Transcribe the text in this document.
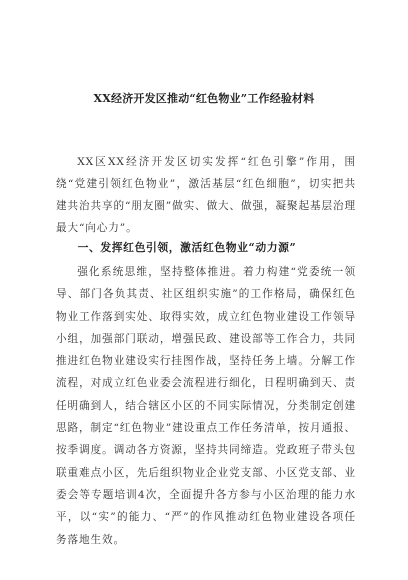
XX经济开发区推动“红色物业”工作经验材料

XX区XX经济开发区切实发挥“红色引擎”作用，围绕“党建引领红色物业”，激活基层“红色细胞”，切实把共建共治共享的“朋友圈”做实、做大、做强，凝聚起基层治理最大“向心力”。

一、发挥红色引领，激活红色物业“动力源”

强化系统思维，坚持整体推进。着力构建“党委统一领导、部门各负其责、社区组织实施”的工作格局，确保红色物业工作落到实处、取得实效，成立红色物业建设工作领导小组，加强部门联动，增强民政、建设部等工作合力，共同推进红色物业建设实行挂图作战，坚持任务上墙。分解工作流程，对成立红色业委会流程进行细化，日程明确到天、责任明确到人，结合辖区小区的不同实际情况，分类制定创建思路，制定“红色物业”建设重点工作任务清单，按月通报、按季调度。调动各方资源，坚持共同缔造。党政班子带头包联重难点小区，先后组织物业企业党支部、小区党支部、业委会等专题培训4次，全面提升各方参与小区治理的能力水平，以“实”的能力、“严”的作风推动红色物业建设各项任务落地生效。
